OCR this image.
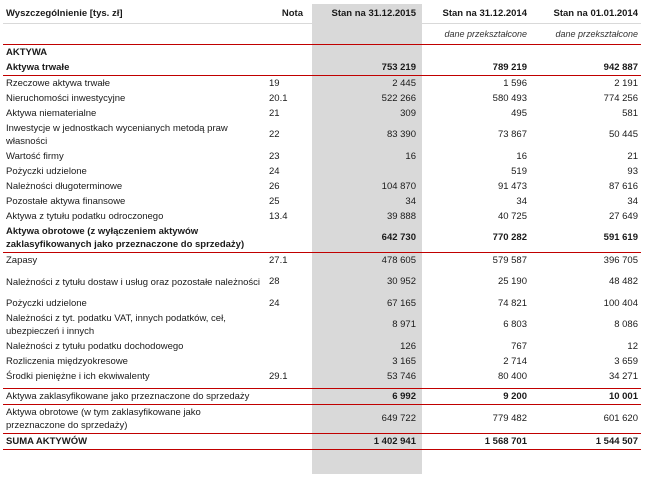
Wyszczególnienie [tys. zł]	Nota	Stan na 31.12.2015	Stan na 31.12.2014	Stan na 01.01.2014
			dane przekształcone	dane przekształcone
AKTYWA				
Aktywa trwałe		753 219	789 219	942 887
Rzeczowe aktywa trwałe	19	2 445	1 596	2 191
Nieruchomości inwestycyjne	20.1	522 266	580 493	774 256
Aktywa niematerialne	21	309	495	581
Inwestycje w jednostkach wycenianych metodą praw własności	22	83 390	73 867	50 445
Wartość firmy	23	16	16	21
Pożyczki udzielone	24		519	93
Należności długoterminowe	26	104 870	91 473	87 616
Pozostałe aktywa finansowe	25	34	34	34
Aktywa z tytułu podatku odroczonego	13.4	39 888	40 725	27 649
Aktywa obrotowe (z wyłączeniem aktywów zaklasyfikowanych jako przeznaczone do sprzedaży)		642 730	770 282	591 619
Zapasy	27.1	478 605	579 587	396 705
Należności z tytułu dostaw i usług oraz pozostałe należności	28	30 952	25 190	48 482
Pożyczki udzielone	24	67 165	74 821	100 404
Należności z tyt. podatku VAT, innych podatków, ceł, ubezpieczeń i innych		8 971	6 803	8 086
Należności z tytułu podatku dochodowego		126	767	12
Rozliczenia międzyokresowe		3 165	2 714	3 659
Środki pieniężne i ich ekwiwalenty	29.1	53 746	80 400	34 271

Aktywa zaklasyfikowane jako przeznaczone do sprzedaży		6 992	9 200	10 001
Aktywa obrotowe (w tym zaklasyfikowane jako przeznaczone do sprzedaży)		649 722	779 482	601 620
SUMA AKTYWÓW		1 402 941	1 568 701	1 544 507
